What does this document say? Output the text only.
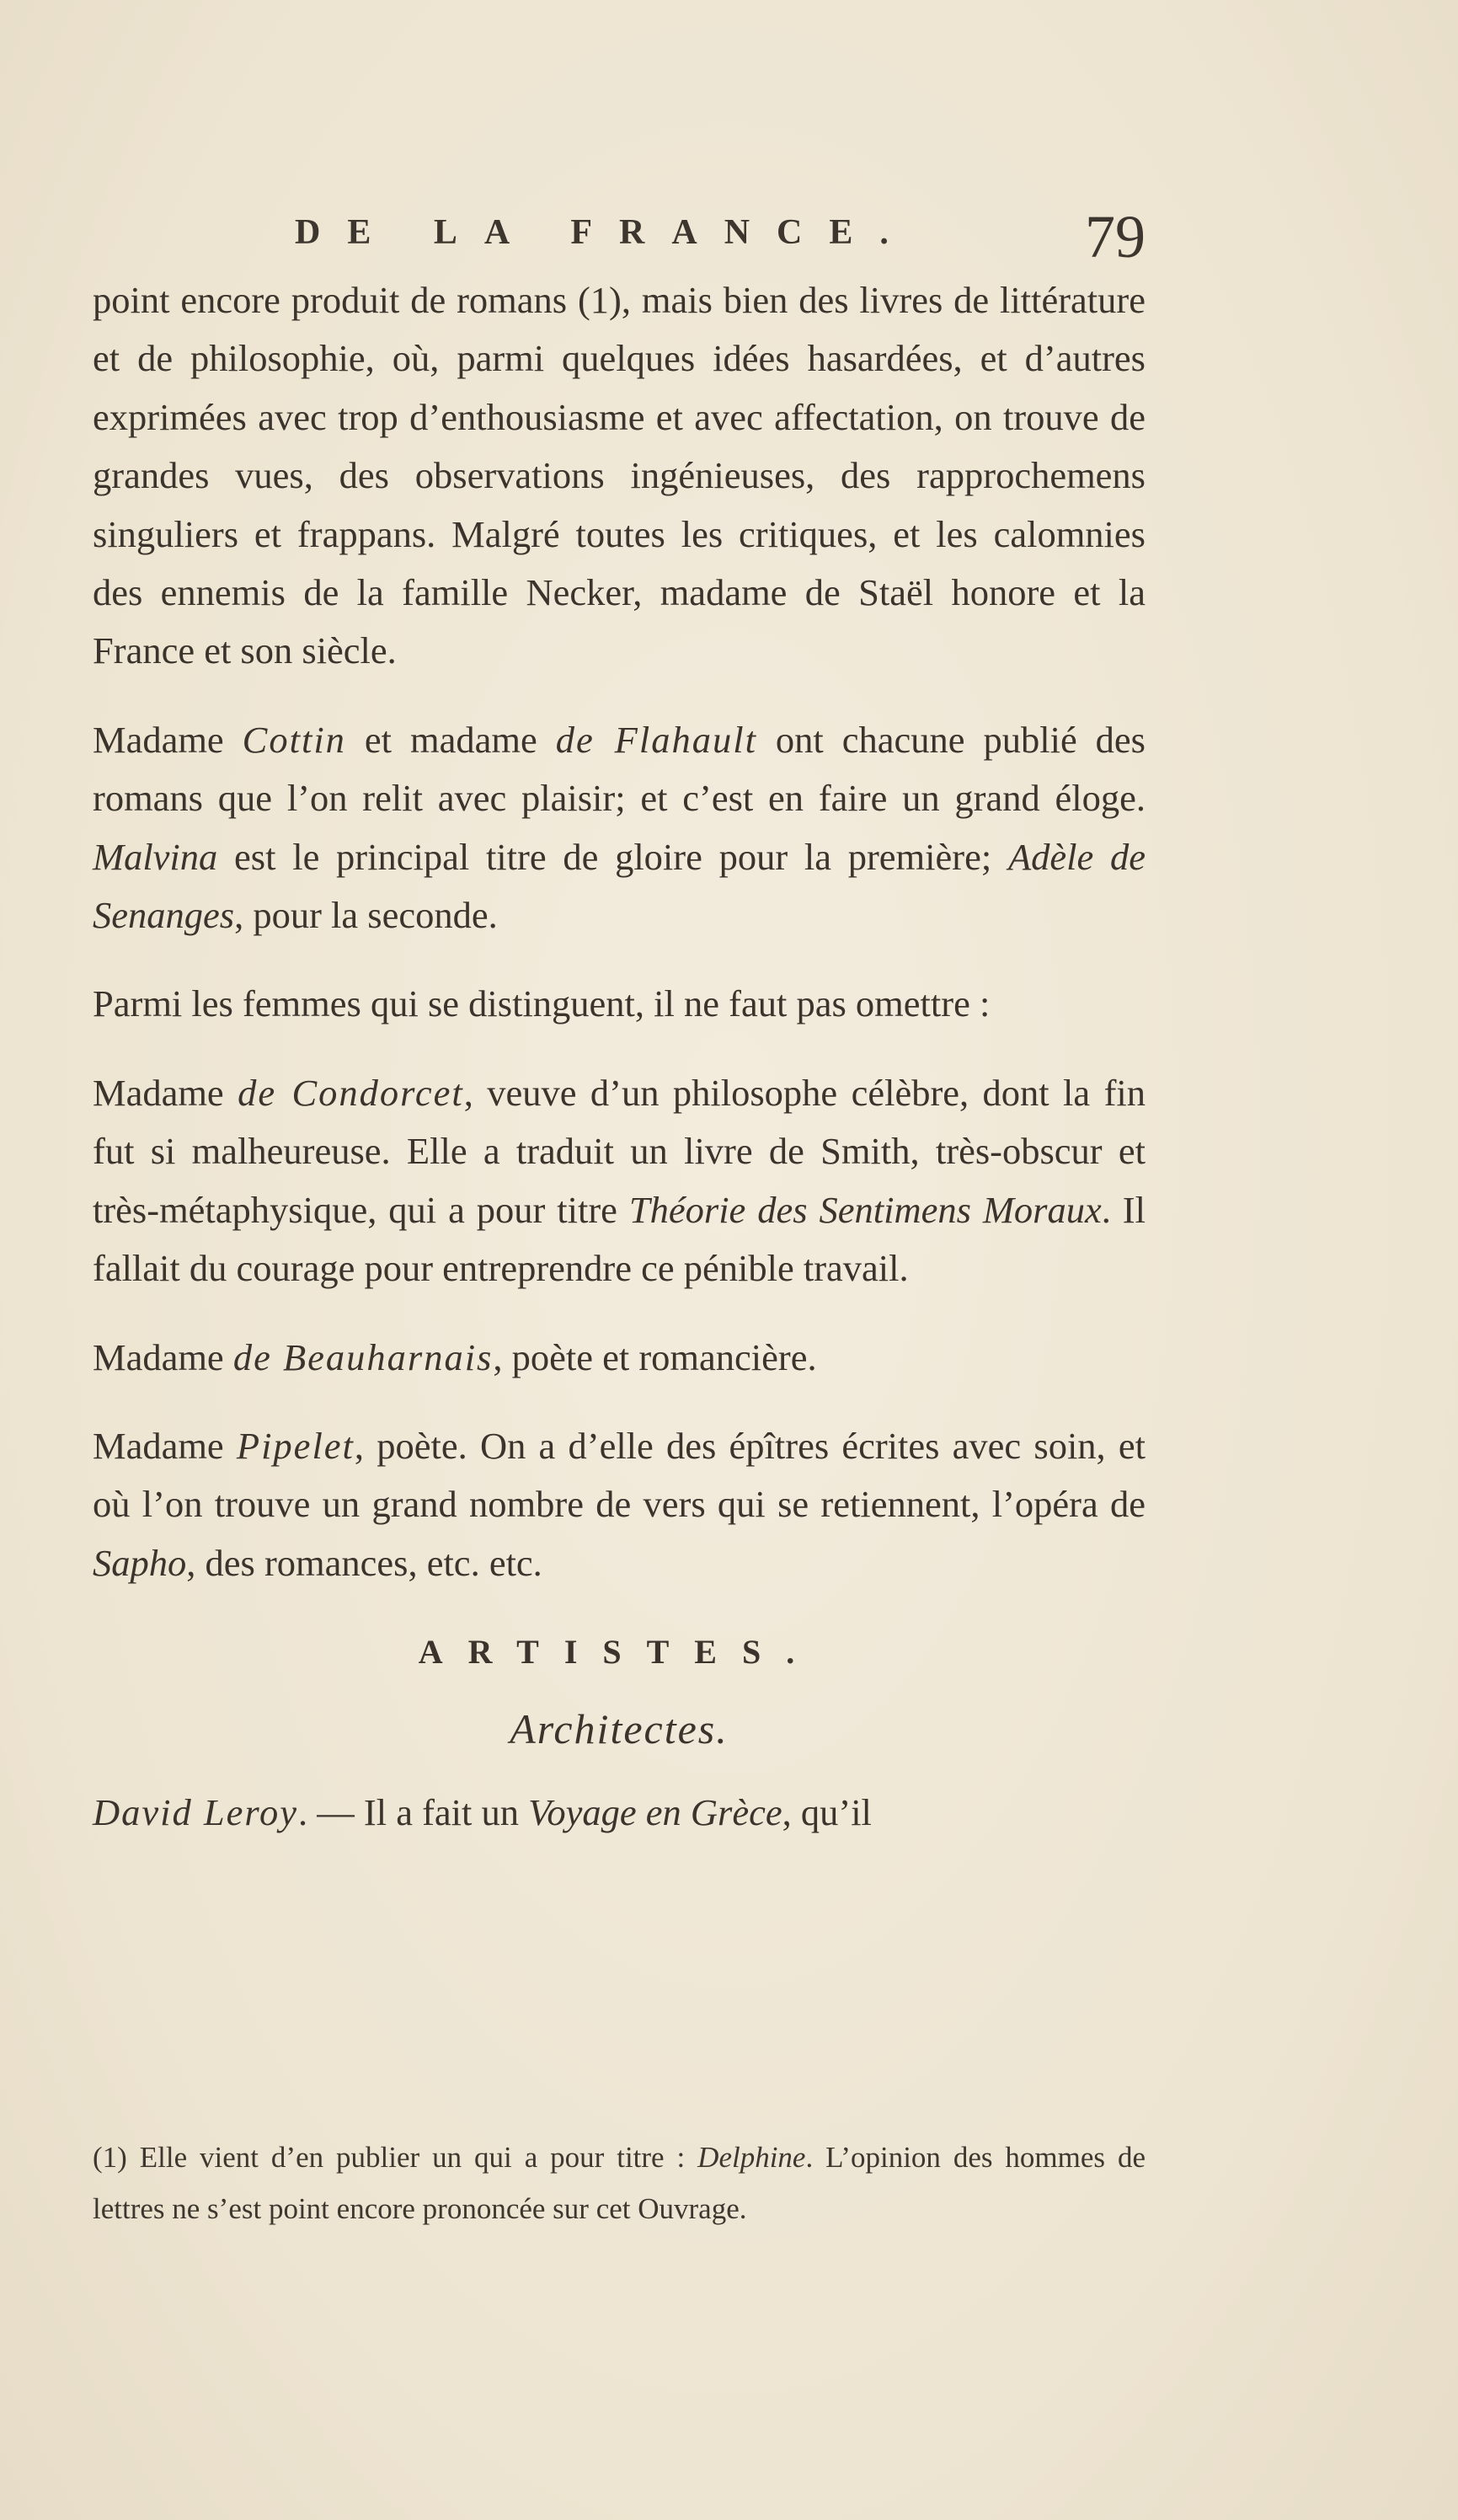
DE LA FRANCE.	79

point encore produit de romans (1), mais bien des livres de littérature et de philosophie, où, parmi quelques idées hasardées, et d’autres exprimées avec trop d’enthousiasme et avec affectation, on trouve de grandes vues, des observations ingénieuses, des rapprochemens singuliers et frappans. Malgré toutes les critiques, et les calomnies des ennemis de la famille Necker, madame de Staël honore et la France et son siècle.

Madame Cottin et madame de Flahault ont chacune publié des romans que l’on relit avec plaisir; et c’est en faire un grand éloge. Malvina est le principal titre de gloire pour la première; Adèle de Senanges, pour la seconde.

Parmi les femmes qui se distinguent, il ne faut pas omettre :

Madame de Condorcet, veuve d’un philosophe célèbre, dont la fin fut si malheureuse. Elle a traduit un livre de Smith, très-obscur et très-métaphysique, qui a pour titre Théorie des Sentimens Moraux. Il fallait du courage pour entreprendre ce pénible travail.

Madame de Beauharnais, poète et romancière.

Madame Pipelet, poète. On a d’elle des épîtres écrites avec soin, et où l’on trouve un grand nombre de vers qui se retiennent, l’opéra de Sapho, des romances, etc. etc.

ARTISTES.
Architectes.

David Leroy. — Il a fait un Voyage en Grèce, qu’il

(1) Elle vient d’en publier un qui a pour titre : Delphine. L’opinion des hommes de lettres ne s’est point encore prononcée sur cet Ouvrage.
